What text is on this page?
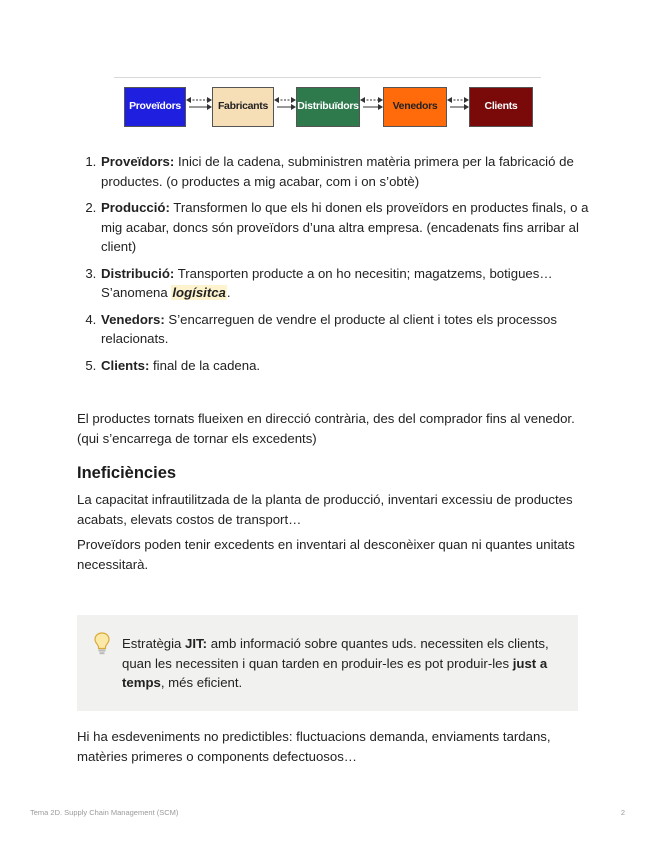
Proveïdors	Fabricants	Distribuïdors	Venedors	Clients
1. Proveïdors: Inici de la cadena, subministren matèria primera per la fabricació de productes. (o productes a mig acabar, com i on s’obtè)
2. Producció: Transformen lo que els hi donen els proveïdors en productes finals, o a mig acabar, doncs són proveïdors d’una altra empresa. (encadenats fins arribar al client)
3. Distribució: Transporten producte a on ho necesitin; magatzems, botigues… S’anomena logísitca.
4. Venedors: S’encarreguen de vendre el producte al client i totes els processos relacionats.
5. Clients: final de la cadena.

El productes tornats flueixen en direcció contrària, des del comprador fins al venedor. (qui s’encarrega de tornar els excedents)

Ineficiències

La capacitat infrautilitzada de la planta de producció, inventari excessiu de productes acabats, elevats costos de transport…

Proveïdors poden tenir excedents en inventari al desconèixer quan ni quantes unitats necessitarà.

Estratègia JIT: amb informació sobre quantes uds. necessiten els clients, quan les necessiten i quan tarden en produir-les es pot produir-les just a temps, més eficient.

Hi ha esdeveniments no predictibles: fluctuacions demanda, enviaments tardans, matèries primeres o components defectuosos…

Tema 2D. Supply Chain Management (SCM)	2
